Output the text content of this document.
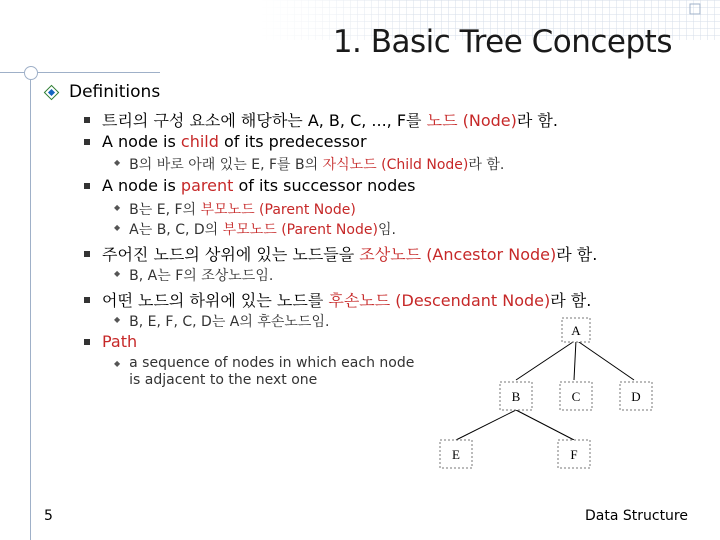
1. Basic Tree Concepts
Definitions
트리의 구성 요소에 해당하는 A, B, C, ..., F를 노드 (Node)라 함.
A node is child of its predecessor
◆ B의 바로 아래 있는 E, F를 B의 자식노드 (Child Node)라 함.
A node is parent of its successor nodes
◆ B는 E, F의 부모노드 (Parent Node)
◆ A는 B, C, D의 부모노드 (Parent Node)임.
주어진 노드의 상위에 있는 노드들을 조상노드 (Ancestor Node)라 함.
◆ B, A는 F의 조상노드임.
어떤 노드의 하위에 있는 노드를 후손노드 (Descendant Node)라 함.
◆ B, E, F, C, D는 A의 후손노드임.
Path
◆ a sequence of nodes in which each node is adjacent to the next one
A
B	C	D
E	F
5	Data Structure
